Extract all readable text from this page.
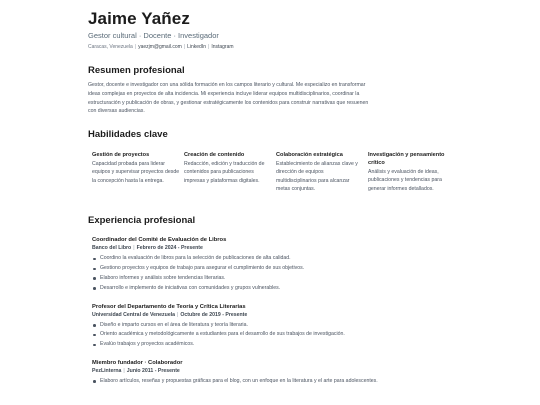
Jaime Yañez
Gestor cultural · Docente · Investigador
Caracas, Venezuela | yaezjm@gmail.com | LinkedIn | Instagram
Resumen profesional
Gestor, docente e investigador con una sólida formación en los campos literario y cultural. Me especializo en transformar ideas complejas en proyectos de alta incidencia. Mi experiencia incluye liderar equipos multidisciplinarios, coordinar la estructuración y publicación de obras, y gestionar estratégicamente los contenidos para construir narrativas que resuenen con diversas audiencias.
Habilidades clave
Gestión de proyectos
Capacidad probada para liderar equipos y supervisar proyectos desde la concepción hasta la entrega.
Creación de contenido
Redacción, edición y traducción de contenidos para publicaciones impresas y plataformas digitales.
Colaboración estratégica
Establecimiento de alianzas clave y dirección de equipos multidisciplinarios para alcanzar metas conjuntas.
Investigación y pensamiento crítico
Análisis y evaluación de ideas, publicaciones y tendencias para generar informes detallados.
Experiencia profesional
Coordinador del Comité de Evaluación de Libros
Banco del Libro | Febrero de 2024 - Presente
Coordino la evaluación de libros para la selección de publicaciones de alta calidad.
Gestiono proyectos y equipos de trabajo para asegurar el cumplimiento de sus objetivos.
Elaboro informes y análisis sobre tendencias literarias.
Desarrollo e implemento de iniciativas con comunidades y grupos vulnerables.
Profesor del Departamento de Teoría y Crítica Literarias
Universidad Central de Venezuela | Octubre de 2019 - Presente
Diseño e imparto cursos en el área de literatura y teoría literaria.
Oriento académica y metodológicamente a estudiantes para el desarrollo de sus trabajos de investigación.
Evalúo trabajos y proyectos académicos.
Miembro fundador · Colaborador
PezLinterna | Junio 2011 - Presente
Elaboro artículos, reseñas y propuestas gráficas para el blog, con un enfoque en la literatura y el arte para adolescentes.
